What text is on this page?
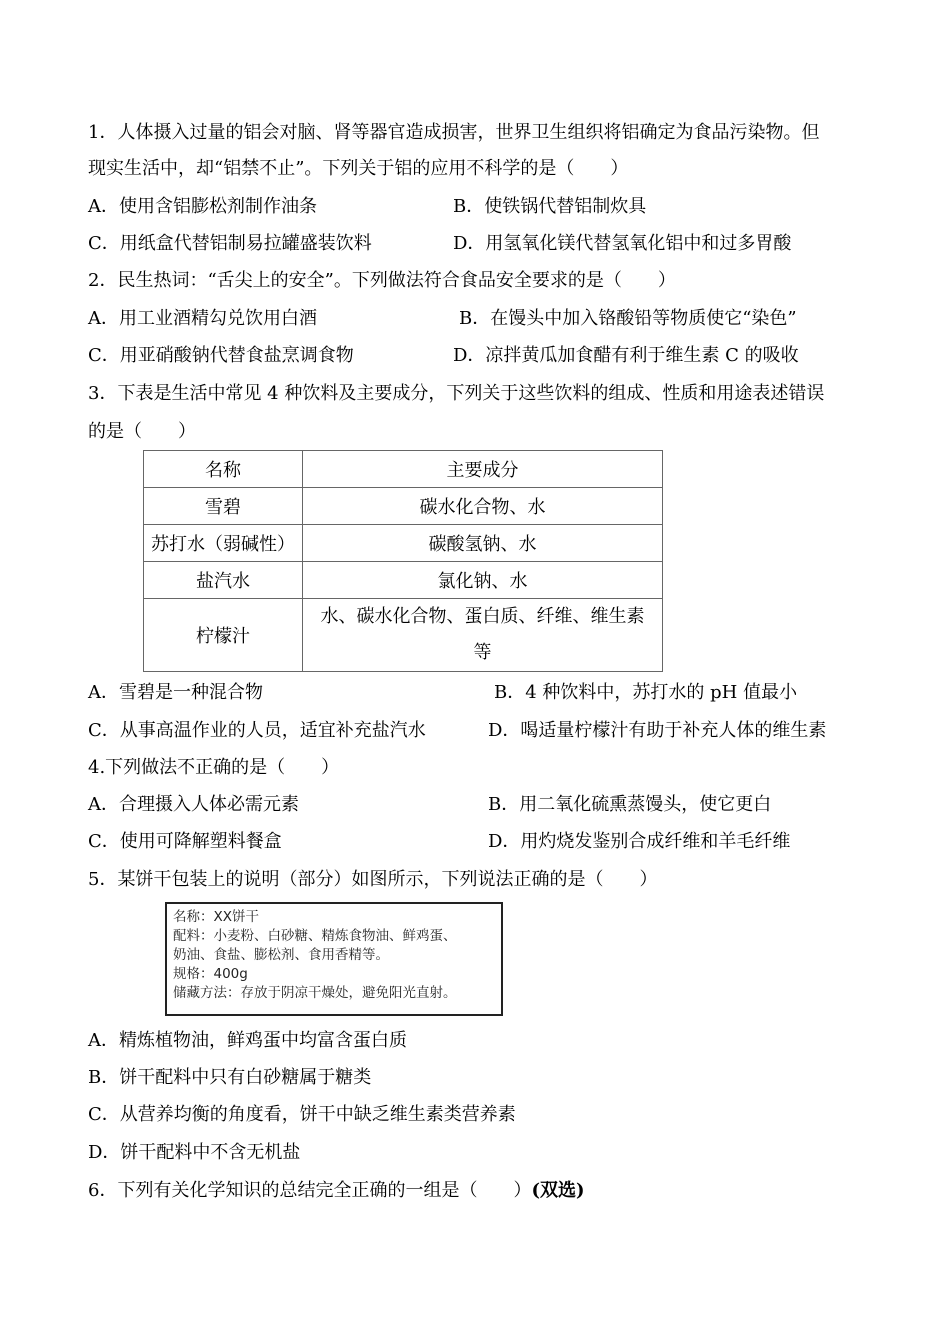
1．人体摄入过量的铝会对脑、肾等器官造成损害，世界卫生组织将铝确定为食品污染物。但
现实生活中，却“铝禁不止”。下列关于铝的应用不科学的是（　　）
A．使用含铝膨松剂制作油条	B．使铁锅代替铝制炊具
C．用纸盒代替铝制易拉罐盛装饮料	D．用氢氧化镁代替氢氧化铝中和过多胃酸
2．民生热词：“舌尖上的安全”。下列做法符合食品安全要求的是（　　）
A．用工业酒精勾兑饮用白酒	B．在馒头中加入铬酸铅等物质使它“染色”
C．用亚硝酸钠代替食盐烹调食物	D．凉拌黄瓜加食醋有利于维生素 C 的吸收
3．下表是生活中常见 4 种饮料及主要成分，下列关于这些饮料的组成、性质和用途表述错误
的是（　　）
名称	主要成分
雪碧	碳水化合物、水
苏打水（弱碱性）	碳酸氢钠、水
盐汽水	氯化钠、水
柠檬汁	水、碳水化合物、蛋白质、纤维、维生素等
A．雪碧是一种混合物	B．4 种饮料中，苏打水的 pH 值最小
C．从事高温作业的人员，适宜补充盐汽水	D．喝适量柠檬汁有助于补充人体的维生素
4.下列做法不正确的是（　　）
A．合理摄入人体必需元素	B．用二氧化硫熏蒸馒头，使它更白
C．使用可降解塑料餐盒	D．用灼烧发鉴别合成纤维和羊毛纤维
5．某饼干包装上的说明（部分）如图所示，下列说法正确的是（　　）
名称：XX饼干
配料：小麦粉、白砂糖、精炼食物油、鲜鸡蛋、
奶油、食盐、膨松剂、食用香精等。
规格：400g
储藏方法：存放于阴凉干燥处，避免阳光直射。
A．精炼植物油，鲜鸡蛋中均富含蛋白质
B．饼干配料中只有白砂糖属于糖类
C．从营养均衡的角度看，饼干中缺乏维生素类营养素
D．饼干配料中不含无机盐
6．下列有关化学知识的总结完全正确的一组是（　　）(双选)
